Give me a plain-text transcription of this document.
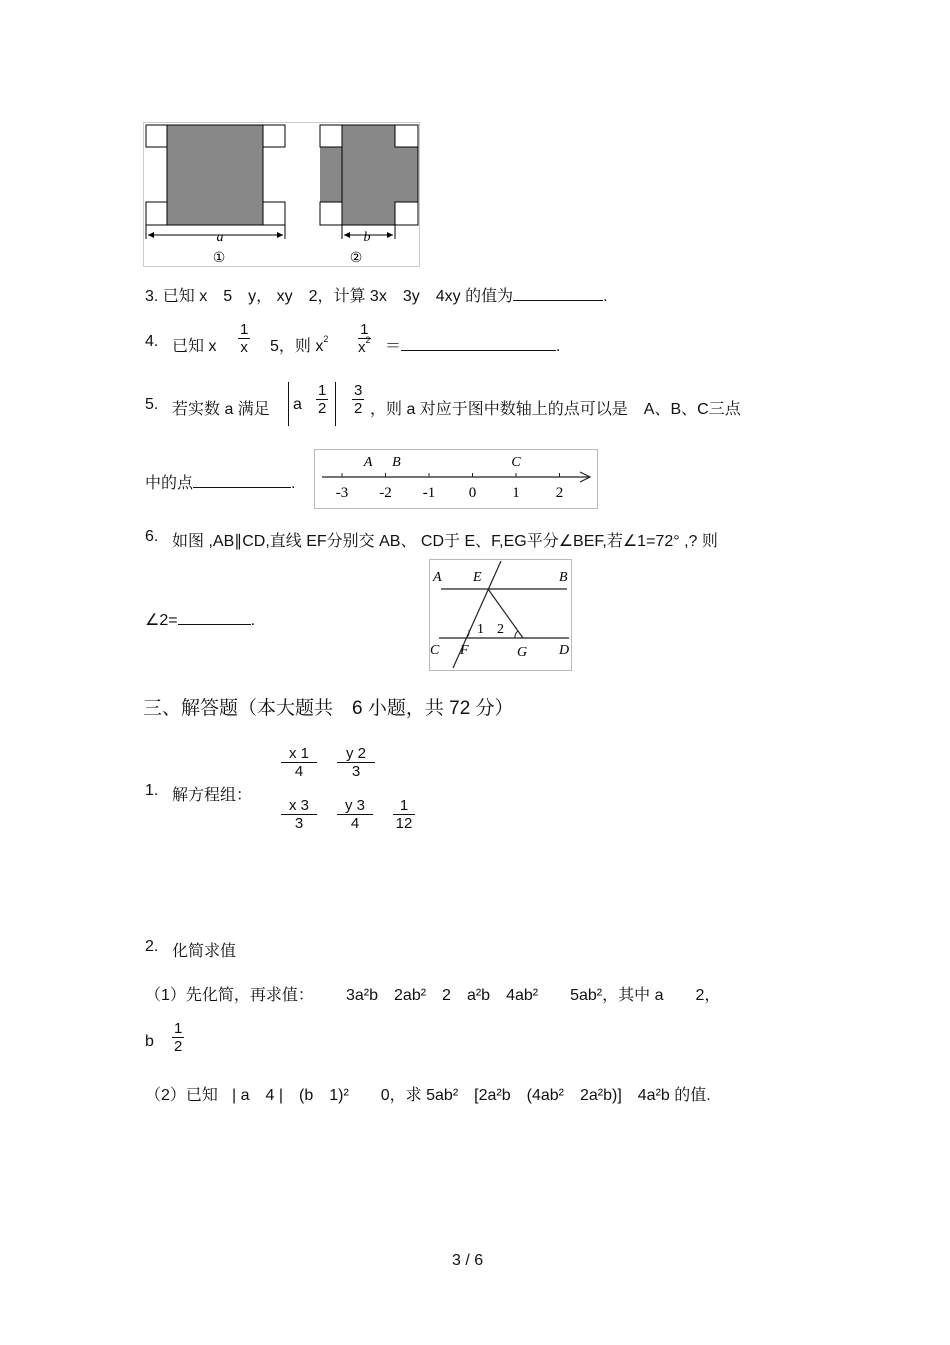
a	b
①	②
3. 已知 x　5　y， xy　2，计算 3x　3y　4xy 的值为	.
4. 已知 x
1
x 5，则 $x^2$
1
$x^2$ ＝	.
5. 若实数 a 满足 a
1
2
3
2 ，则 a 对应于图中数轴上的点可以是　A、B、C三点
中的点	.
-3 -2 -1 0 1 2
A B	C
6. 如图 ,AB∥CD,直线 EF分别交 AB、 CD于 E、F,EG平分∠BEF,若∠1=72° ,? 则
∠2=	.
A E	B
C F	G D
1 2
三、解答题（本大题共　6 小题，共 72 分）
1. 解方程组：
x 1
4
y 2
3
x 3
3
y 3
4
1
12
2. 化简求值
（1）先化简，再求值： 3a²b　2ab²　2　a²b　4ab²　　5ab²，其中 a　　2，
b
1
2
（2）已知 | a　4 |　(b　1)²　　0，求 5ab²　[2a²b　(4ab²　2a²b)]　4a²b 的值.
3 / 6
